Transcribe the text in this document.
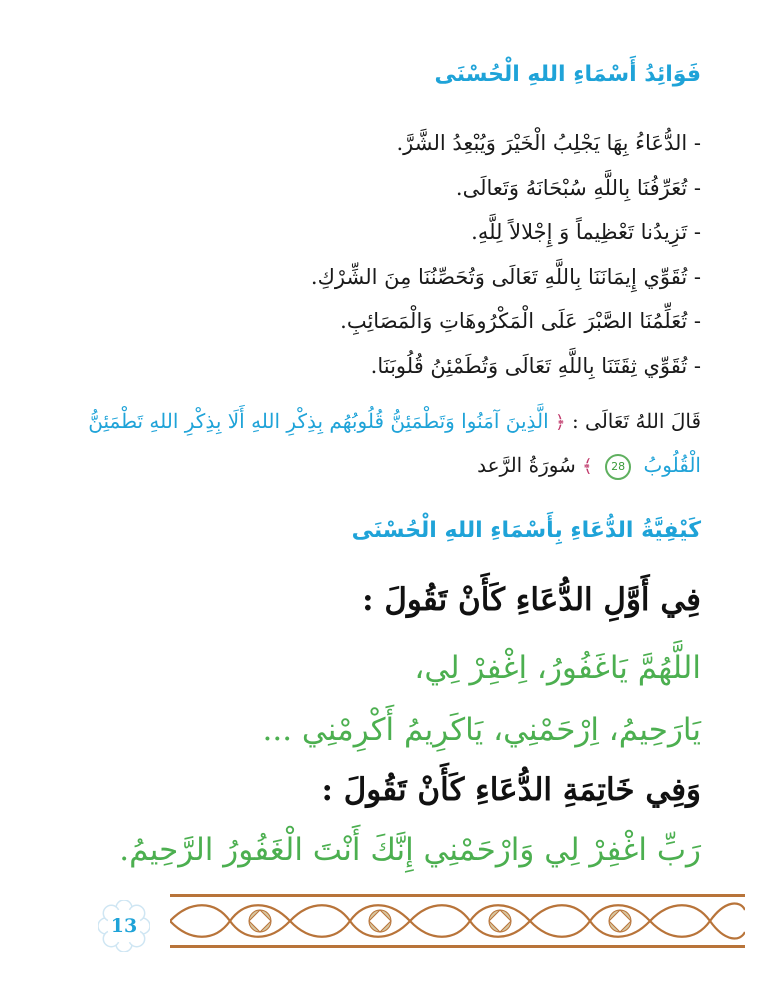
فَوَائِدُ أَسْمَاءِ اللهِ الْحُسْنَى
- الدُّعَاءُ بِهَا يَجْلِبُ الْخَيْرَ وَيُبْعِدُ الشَّرَّ.
- تُعَرِّفُنَا بِاللَّهِ سُبْحَانَهُ وَتَعالَى.
- تَزِيدُنا تَعْظِيماً وَ إِجْلالاً لِلَّهِ.
- تُقَوِّي إِيمَانَنَا بِاللَّهِ تَعَالَى وَتُحَصِّنُنَا مِنَ الشِّرْكِ.
- تُعَلِّمُنَا الصَّبْرَ عَلَى الْمَكْرُوهَاتِ وَالْمَصَائِبِ.
- تُقَوِّي ثِقَتَنَا بِاللَّهِ تَعَالَى وَتُطَمْئِنُ قُلُوبَنَا.
قَالَ اللهُ تَعَالَى : ﴿ الَّذِينَ آمَنُوا وَتَطْمَئِنُّ قُلُوبُهُم بِذِكْرِ اللهِ أَلَا بِذِكْرِ اللهِ تَطْمَئِنُّ الْقُلُوبُ 28 ﴾ سُورَةُ الرَّعد
كَيْفِيَّةُ الدُّعَاءِ بِأَسْمَاءِ اللهِ الْحُسْنَى
فِي أَوَّلِ الدُّعَاءِ كَأَنْ تَقُولَ :
اللَّهُمَّ يَاغَفُورُ، اِغْفِرْ لِي،
يَارَحِيمُ، اِرْحَمْنِي، يَاكَرِيمُ أَكْرِمْنِي ...
وَفِي خَاتِمَةِ الدُّعَاءِ كَأَنْ تَقُولَ :
رَبِّ اغْفِرْ لِي وَارْحَمْنِي إِنَّكَ أَنْتَ الْغَفُورُ الرَّحِيمُ.
13
